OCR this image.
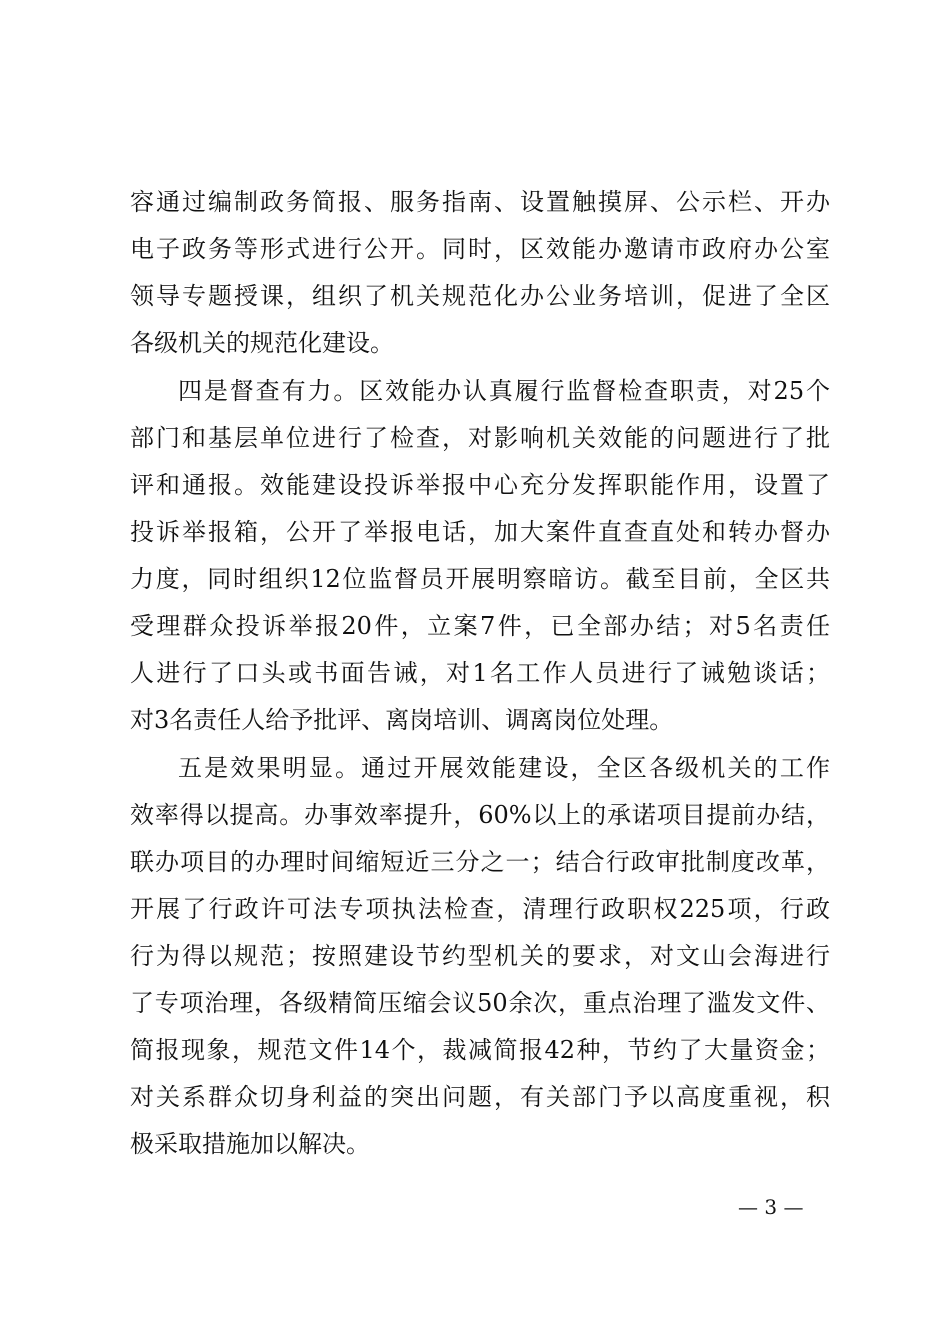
容通过编制政务简报、服务指南、设置触摸屏、公示栏、开办
电子政务等形式进行公开。同时，区效能办邀请市政府办公室
领导专题授课，组织了机关规范化办公业务培训，促进了全区
各级机关的规范化建设。
四是督查有力。区效能办认真履行监督检查职责，对25个
部门和基层单位进行了检查，对影响机关效能的问题进行了批
评和通报。效能建设投诉举报中心充分发挥职能作用，设置了
投诉举报箱，公开了举报电话，加大案件直查直处和转办督办
力度，同时组织12位监督员开展明察暗访。截至目前，全区共
受理群众投诉举报20件，立案7件，已全部办结；对5名责任
人进行了口头或书面告诫，对1名工作人员进行了诫勉谈话；
对3名责任人给予批评、离岗培训、调离岗位处理。
五是效果明显。通过开展效能建设，全区各级机关的工作
效率得以提高。办事效率提升，60%以上的承诺项目提前办结，
联办项目的办理时间缩短近三分之一；结合行政审批制度改革，
开展了行政许可法专项执法检查，清理行政职权225项，行政
行为得以规范；按照建设节约型机关的要求，对文山会海进行
了专项治理，各级精简压缩会议50余次，重点治理了滥发文件、
简报现象，规范文件14个，裁减简报42种，节约了大量资金；
对关系群众切身利益的突出问题，有关部门予以高度重视，积
极采取措施加以解决。
— 3 —
